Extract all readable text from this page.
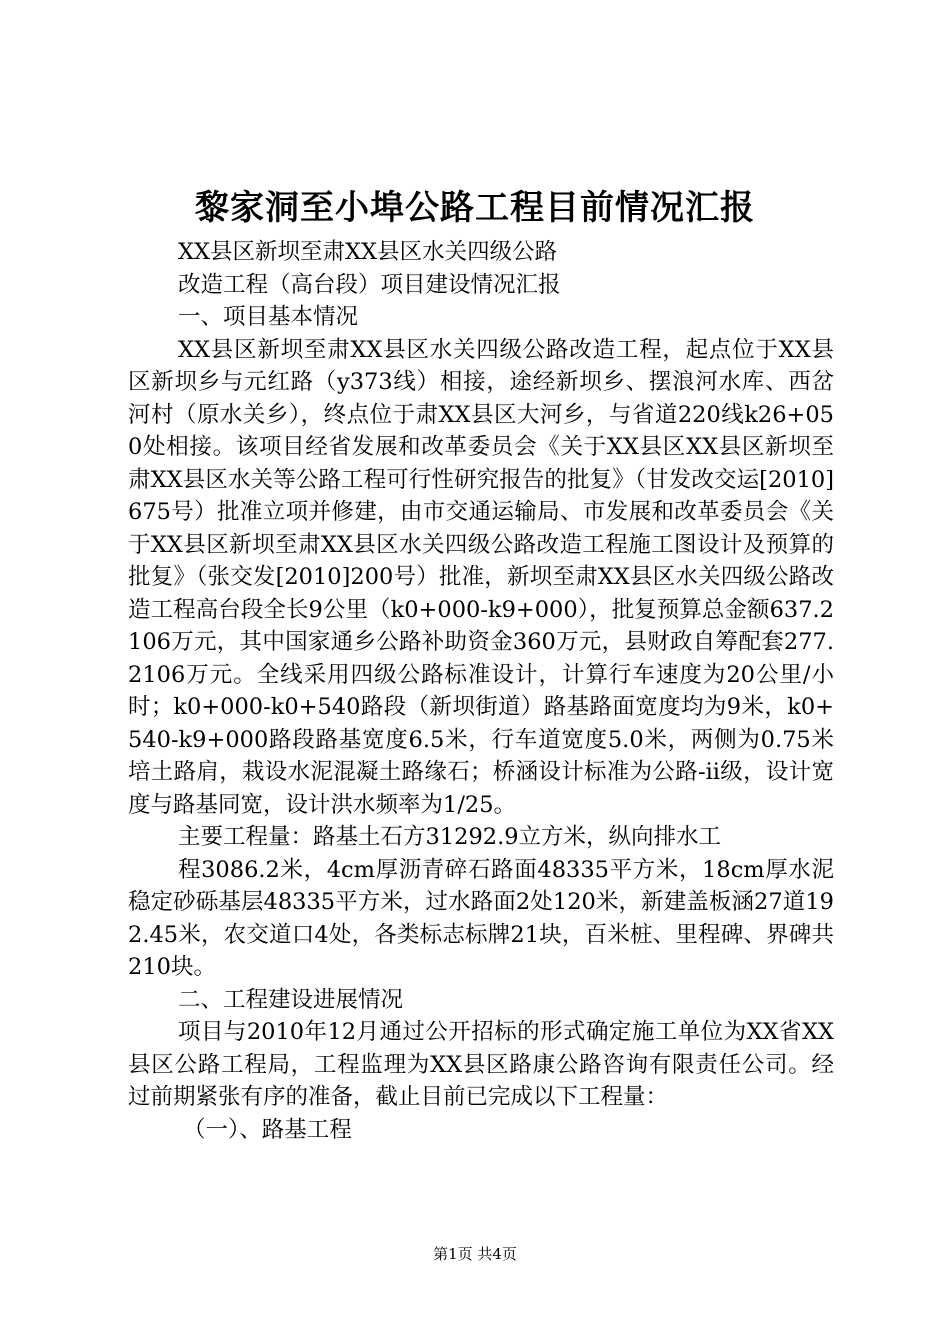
黎家洞至小埠公路工程目前情况汇报

XX县区新坝至肃XX县区水关四级公路

改造工程（高台段）项目建设情况汇报

一、项目基本情况

XX县区新坝至肃XX县区水关四级公路改造工程，起点位于XX县区新坝乡与元红路（y373线）相接，途经新坝乡、摆浪河水库、西岔河村（原水关乡），终点位于肃XX县区大河乡，与省道220线k26+050处相接。该项目经省发展和改革委员会《关于XX县区XX县区新坝至肃XX县区水关等公路工程可行性研究报告的批复》（甘发改交运[2010]675号）批准立项并修建，由市交通运输局、市发展和改革委员会《关于XX县区新坝至肃XX县区水关四级公路改造工程施工图设计及预算的批复》（张交发[2010]200号）批准，新坝至肃XX县区水关四级公路改造工程高台段全长9公里（k0+000-k9+000），批复预算总金额637.2106万元，其中国家通乡公路补助资金360万元，县财政自筹配套277.2106万元。全线采用四级公路标准设计，计算行车速度为20公里/小时；k0+000-k0+540路段（新坝街道）路基路面宽度均为9米，k0+540-k9+000路段路基宽度6.5米，行车道宽度5.0米，两侧为0.75米培土路肩，栽设水泥混凝土路缘石；桥涵设计标准为公路-ii级，设计宽度与路基同宽，设计洪水频率为1/25。

主要工程量：路基土石方31292.9立方米，纵向排水工

程3086.2米，4cm厚沥青碎石路面48335平方米，18cm厚水泥稳定砂砾基层48335平方米，过水路面2处120米，新建盖板涵27道192.45米，农交道口4处，各类标志标牌21块，百米桩、里程碑、界碑共210块。

二、工程建设进展情况

项目与2010年12月通过公开招标的形式确定施工单位为XX省XX县区公路工程局，工程监理为XX县区路康公路咨询有限责任公司。经过前期紧张有序的准备，截止目前已完成以下工程量：

（一）、路基工程

第1页 共4页
